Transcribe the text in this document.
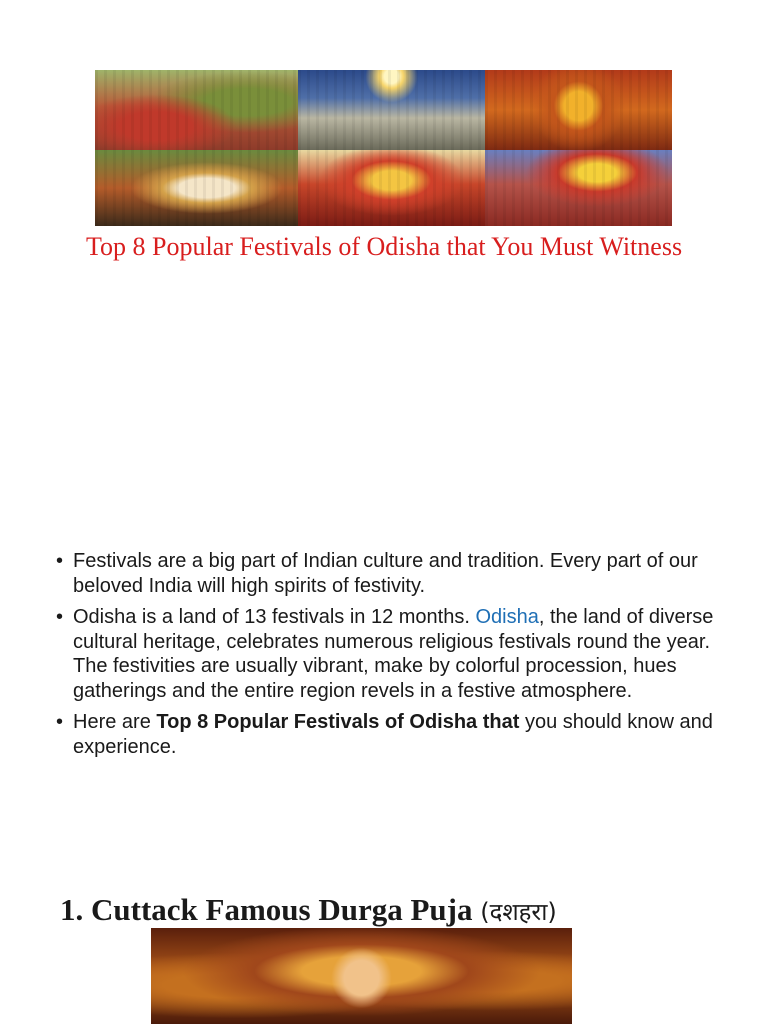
Top 8 Popular Festivals of Odisha that You Must Witness
• Festivals are a big part of Indian culture and tradition. Every part of our beloved India will high spirits of festivity.
• Odisha is a land of 13 festivals in 12 months. Odisha, the land of diverse cultural heritage, celebrates numerous religious festivals round the year. The festivities are usually vibrant, make by colorful procession, hues gatherings and the entire region revels in a festive atmosphere.
• Here are Top 8 Popular Festivals of Odisha that you should know and experience.
1. Cuttack Famous Durga Puja (दशहरा)
